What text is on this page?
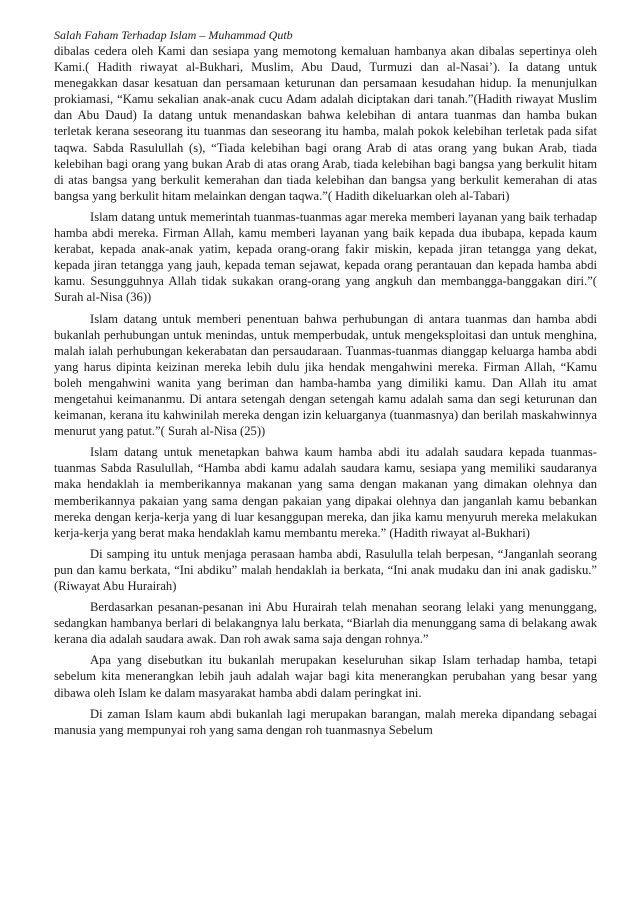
Salah Faham Terhadap Islam – Muhammad Qutb

dibalas cedera oleh Kami dan sesiapa yang memotong kemaluan hambanya akan dibalas sepertinya oleh Kami.( Hadith riwayat al-Bukhari, Muslim, Abu Daud, Turmuzi dan al-Nasai’). Ia datang untuk menegakkan dasar kesatuan dan persamaan keturunan dan persamaan kesudahan hidup. Ia menunjulkan prokiamasi, “Kamu sekalian anak-anak cucu Adam adalah diciptakan dari tanah.”(Hadith riwayat Muslim dan Abu Daud) Ia datang untuk menandaskan bahwa kelebihan di antara tuanmas dan hamba bukan terletak kerana seseorang itu tuanmas dan seseorang itu hamba, malah pokok kelebihan terletak pada sifat taqwa. Sabda Rasulullah (s), “Tiada kelebihan bagi orang Arab di atas orang yang bukan Arab, tiada kelebihan bagi orang yang bukan Arab di atas orang Arab, tiada kelebihan bagi bangsa yang berkulit hitam di atas bangsa yang berkulit kemerahan dan tiada kelebihan dan bangsa yang berkulit kemerahan di atas bangsa yang berkulit hitam melainkan dengan taqwa.”( Hadith dikeluarkan oleh al-Tabari)

Islam datang untuk memerintah tuanmas-tuanmas agar mereka memberi layanan yang baik terhadap hamba abdi mereka. Firman Allah, kamu memberi layanan yang baik kepada dua ibubapa, kepada kaum kerabat, kepada anak-anak yatim, kepada orang-orang fakir miskin, kepada jiran tetangga yang dekat, kepada jiran tetangga yang jauh, kepada teman sejawat, kepada orang perantauan dan kepada hamba abdi kamu. Sesungguhnya Allah tidak sukakan orang-orang yang angkuh dan membangga-banggakan diri.”( Surah al-Nisa (36))

Islam datang untuk memberi penentuan bahwa perhubungan di antara tuanmas dan hamba abdi bukanlah perhubungan untuk menindas, untuk memperbudak, untuk mengeksploitasi dan untuk menghina, malah ialah perhubungan kekerabatan dan persaudaraan. Tuanmas-tuanmas dianggap keluarga hamba abdi yang harus dipinta keizinan mereka lebih dulu jika hendak mengahwini mereka. Firman Allah, “Kamu boleh mengahwini wanita yang beriman dan hamba-hamba yang dimiliki kamu. Dan Allah itu amat mengetahui keimananmu. Di antara setengah dengan setengah kamu adalah sama dan segi keturunan dan keimanan, kerana itu kahwinilah mereka dengan izin keluarganya (tuanmasnya) dan berilah maskahwinnya menurut yang patut.”( Surah al-Nisa (25))

Islam datang untuk menetapkan bahwa kaum hamba abdi itu adalah saudara kepada tuanmas-tuanmas Sabda Rasulullah, “Hamba abdi kamu adalah saudara kamu, sesiapa yang memiliki saudaranya maka hendaklah ia memberikannya makanan yang sama dengan makanan yang dimakan olehnya dan memberikannya pakaian yang sama dengan pakaian yang dipakai olehnya dan janganlah kamu bebankan mereka dengan kerja-kerja yang di luar kesanggupan mereka, dan jika kamu menyuruh mereka melakukan kerja-kerja yang berat maka hendaklah kamu membantu mereka.” (Hadith riwayat al-Bukhari)

Di samping itu untuk menjaga perasaan hamba abdi, Rasululla telah berpesan, “Janganlah seorang pun dan kamu berkata, “Ini abdiku” malah hendaklah ia berkata, “Ini anak mudaku dan ini anak gadisku.” (Riwayat Abu Hurairah)

Berdasarkan pesanan-pesanan ini Abu Hurairah telah menahan seorang lelaki yang menunggang, sedangkan hambanya berlari di belakangnya lalu berkata, “Biarlah dia menunggang sama di belakang awak kerana dia adalah saudara awak. Dan roh awak sama saja dengan rohnya.”

Apa yang disebutkan itu bukanlah merupakan keseluruhan sikap Islam terhadap hamba, tetapi sebelum kita menerangkan lebih jauh adalah wajar bagi kita menerangkan perubahan yang besar yang dibawa oleh Islam ke dalam masyarakat hamba abdi dalam peringkat ini.

Di zaman Islam kaum abdi bukanlah lagi merupakan barangan, malah mereka dipandang sebagai manusia yang mempunyai roh yang sama dengan roh tuanmasnya Sebelum
